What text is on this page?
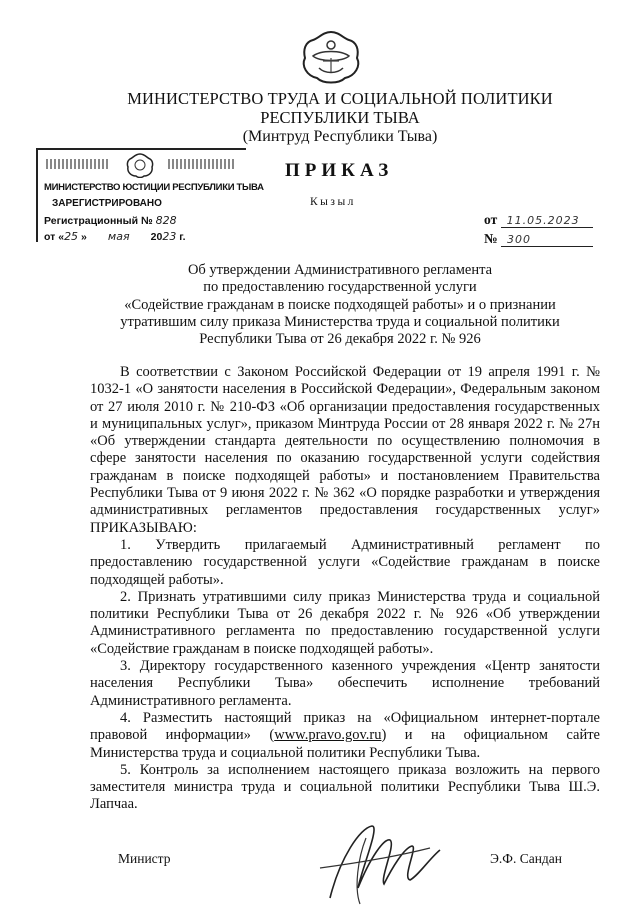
МИНИСТЕРСТВО ТРУДА И СОЦИАЛЬНОЙ ПОЛИТИКИ
РЕСПУБЛИКИ ТЫВА
(Минтруд Республики Тыва)
МИНИСТЕРСТВО ЮСТИЦИИ РЕСПУБЛИКИ ТЫВА
ЗАРЕГИСТРИРОВАНО
Регистрационный № 828
от «25 » мая 2023 г.
ПРИКАЗ
Кызыл
от 11.05.2023
№ 300
Об утверждении Административного регламента
по предоставлению государственной услуги
«Содействие гражданам в поиске подходящей работы» и о признании
утратившим силу приказа Министерства труда и социальной политики
Республики Тыва от 26 декабря 2022 г. № 926

В соответствии с Законом Российской Федерации от 19 апреля 1991 г. № 1032-1 «О занятости населения в Российской Федерации», Федеральным законом от 27 июля 2010 г. № 210-ФЗ «Об организации предоставления государственных и муниципальных услуг», приказом Минтруда России от 28 января 2022 г. № 27н «Об утверждении стандарта деятельности по осуществлению полномочия в сфере занятости населения по оказанию государственной услуги содействия гражданам в поиске подходящей работы» и постановлением Правительства Республики Тыва от 9 июня 2022 г. № 362 «О порядке разработки и утверждения административных регламентов предоставления государственных услуг» ПРИКАЗЫВАЮ:

1. Утвердить прилагаемый Административный регламент по предоставлению государственной услуги «Содействие гражданам в поиске подходящей работы».

2. Признать утратившими силу приказ Министерства труда и социальной политики Республики Тыва от 26 декабря 2022 г. № 926 «Об утверждении Административного регламента по предоставлению государственной услуги «Содействие гражданам в поиске подходящей работы».

3. Директору государственного казенного учреждения «Центр занятости населения Республики Тыва» обеспечить исполнение требований Административного регламента.

4. Разместить настоящий приказ на «Официальном интернет-портале правовой информации» (www.pravo.gov.ru) и на официальном сайте Министерства труда и социальной политики Республики Тыва.

5. Контроль за исполнением настоящего приказа возложить на первого заместителя министра труда и социальной политики Республики Тыва Ш.Э. Лапчаа.

Министр	Э.Ф. Сандан
